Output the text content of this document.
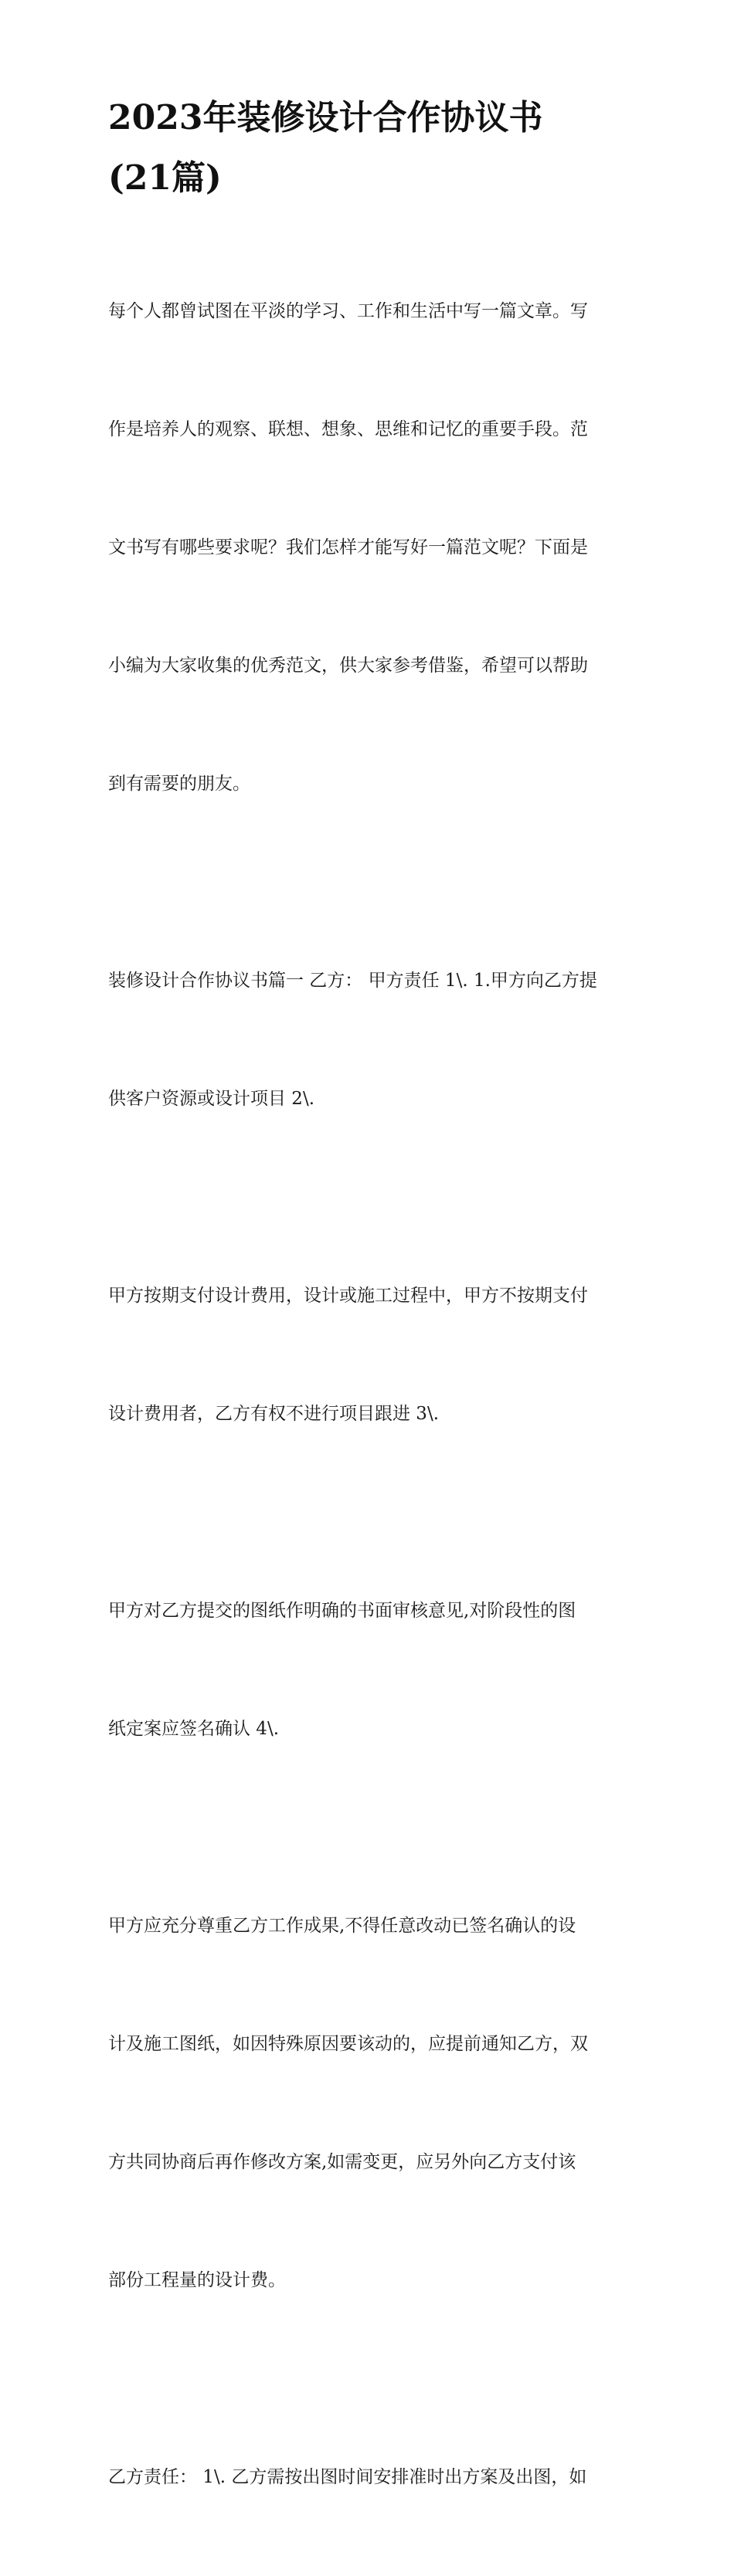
2023年装修设计合作协议书
(21篇)

每个人都曾试图在平淡的学习、工作和生活中写一篇文章。写

作是培养人的观察、联想、想象、思维和记忆的重要手段。范

文书写有哪些要求呢？我们怎样才能写好一篇范文呢？下面是

小编为大家收集的优秀范文，供大家参考借鉴，希望可以帮助

到有需要的朋友。

装修设计合作协议书篇一 乙方： 甲方责任 1\. 1.甲方向乙方提

供客户资源或设计项目 2\.

甲方按期支付设计费用，设计或施工过程中，甲方不按期支付

设计费用者，乙方有权不进行项目跟进 3\.

甲方对乙方提交的图纸作明确的书面审核意见,对阶段性的图

纸定案应签名确认 4\.

甲方应充分尊重乙方工作成果,不得任意改动已签名确认的设

计及施工图纸，如因特殊原因要该动的，应提前通知乙方，双

方共同协商后再作修改方案,如需变更，应另外向乙方支付该

部份工程量的设计费。

乙方责任： 1\. 乙方需按出图时间安排准时出方案及出图，如
